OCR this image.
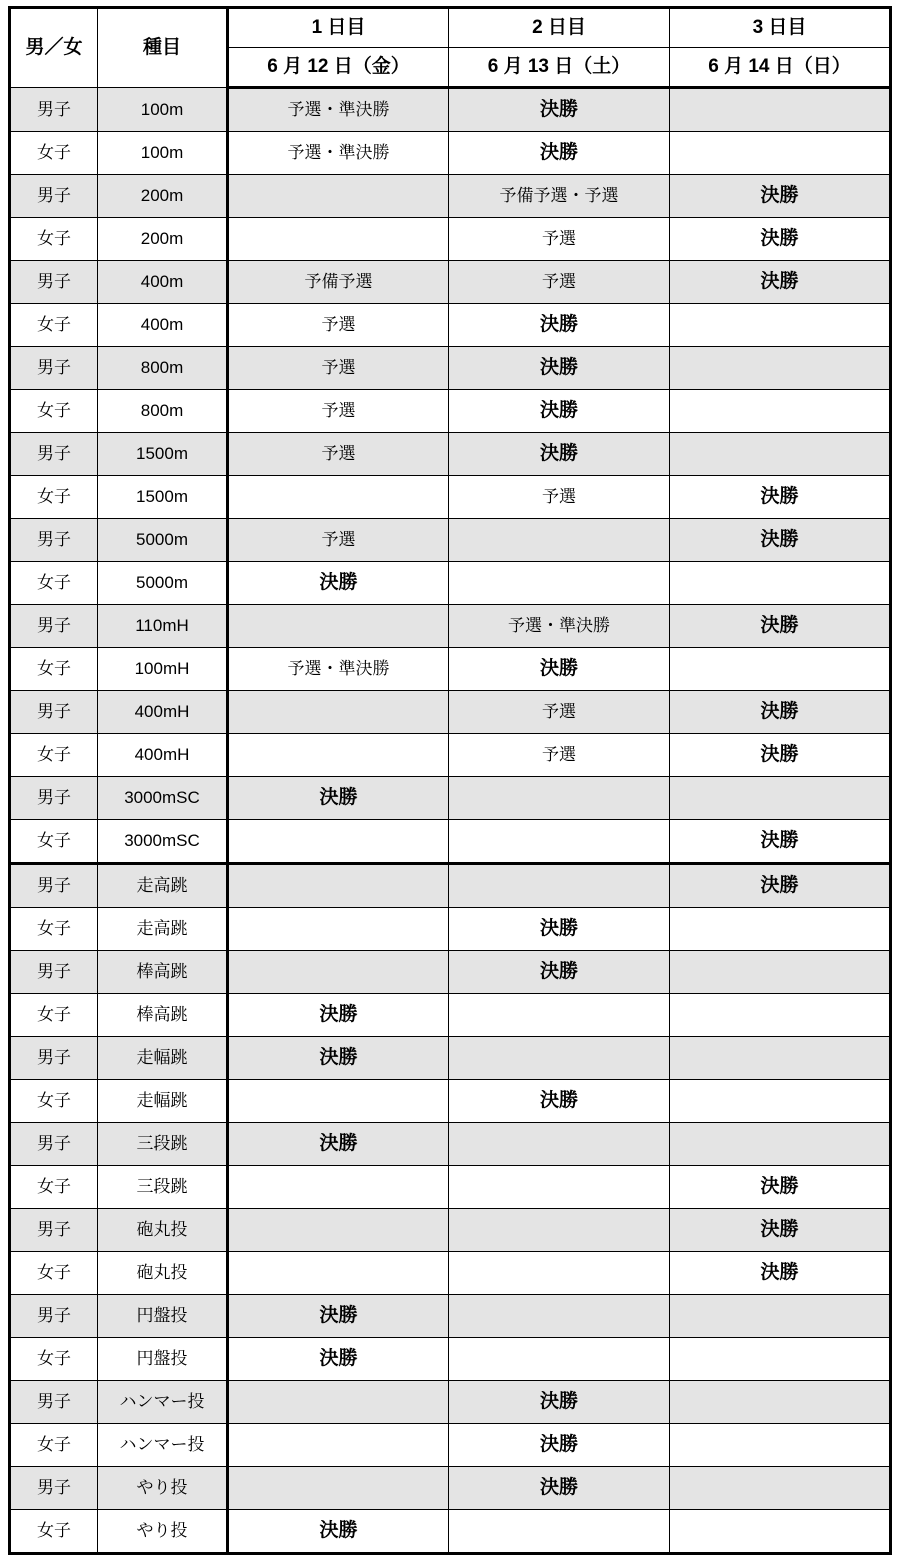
男／女	種目	1 日目	2 日目	3 日目
		6 月 12 日（金）	6 月 13 日（土）	6 月 14 日（日）
男子	100m	予選・準決勝	決勝	
女子	100m	予選・準決勝	決勝	
男子	200m		予備予選・予選	決勝
女子	200m		予選	決勝
男子	400m	予備予選	予選	決勝
女子	400m	予選	決勝	
男子	800m	予選	決勝	
女子	800m	予選	決勝	
男子	1500m	予選	決勝	
女子	1500m		予選	決勝
男子	5000m	予選		決勝
女子	5000m	決勝		
男子	110mH		予選・準決勝	決勝
女子	100mH	予選・準決勝	決勝	
男子	400mH		予選	決勝
女子	400mH		予選	決勝
男子	3000mSC	決勝		
女子	3000mSC			決勝
男子	走高跳			決勝
女子	走高跳		決勝	
男子	棒高跳		決勝	
女子	棒高跳	決勝		
男子	走幅跳	決勝		
女子	走幅跳		決勝	
男子	三段跳	決勝		
女子	三段跳			決勝
男子	砲丸投			決勝
女子	砲丸投			決勝
男子	円盤投	決勝		
女子	円盤投	決勝		
男子	ハンマー投		決勝	
女子	ハンマー投		決勝	
男子	やり投		決勝	
女子	やり投	決勝		
